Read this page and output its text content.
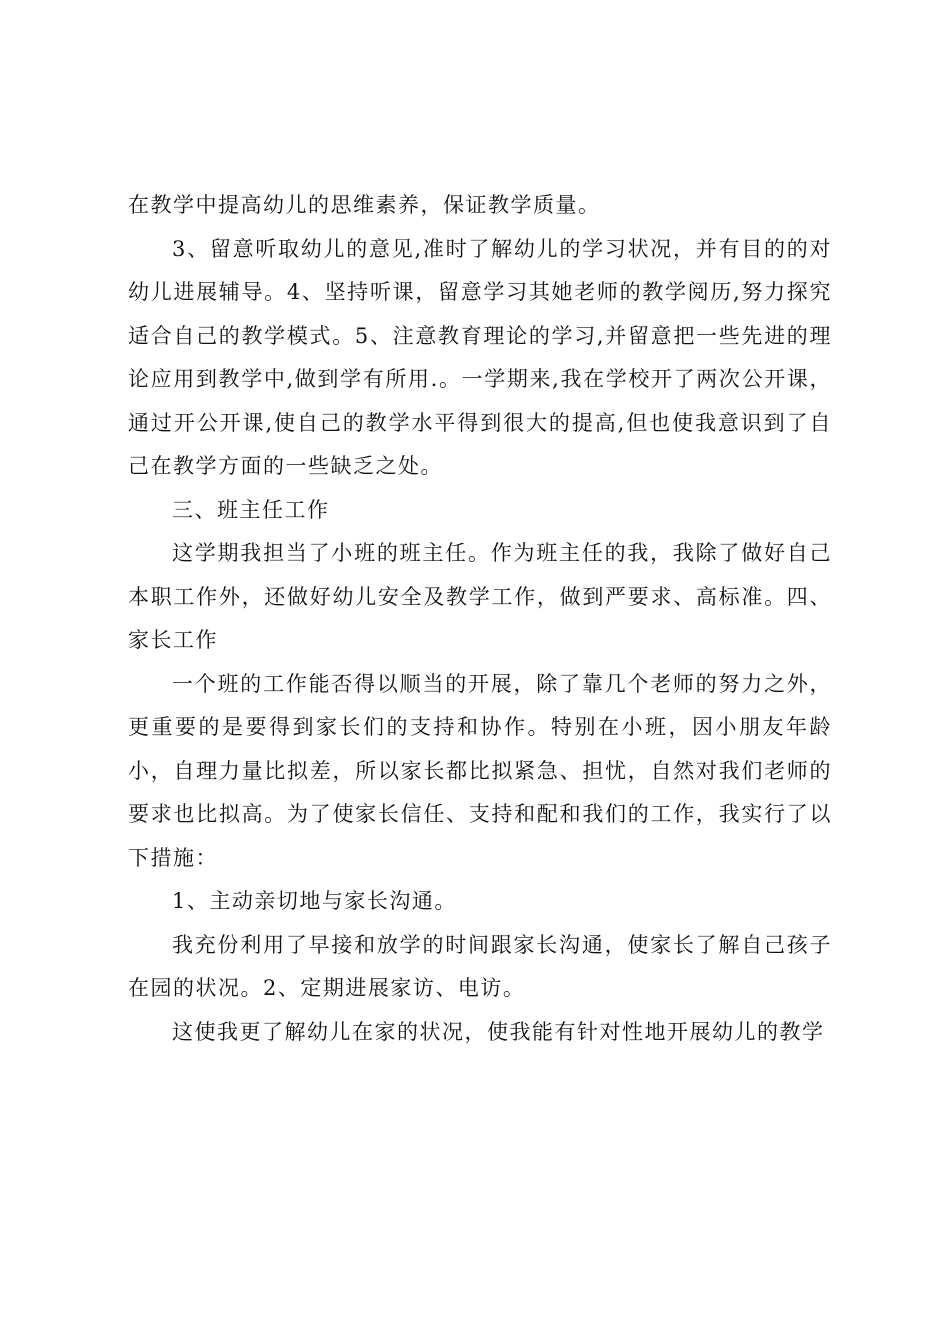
在教学中提高幼儿的思维素养，保证教学质量。

3、留意听取幼儿的意见,准时了解幼儿的学习状况，并有目的的对幼儿进展辅导。4、坚持听课，留意学习其她老师的教学阅历,努力探究适合自己的教学模式。5、注意教育理论的学习,并留意把一些先进的理论应用到教学中,做到学有所用.。一学期来,我在学校开了两次公开课，通过开公开课,使自己的教学水平得到很大的提高,但也使我意识到了自己在教学方面的一些缺乏之处。

三、班主任工作

这学期我担当了小班的班主任。作为班主任的我，我除了做好自己本职工作外，还做好幼儿安全及教学工作，做到严要求、高标准。四、家长工作

一个班的工作能否得以顺当的开展，除了靠几个老师的努力之外，更重要的是要得到家长们的支持和协作。特别在小班，因小朋友年龄小，自理力量比拟差，所以家长都比拟紧急、担忧，自然对我们老师的要求也比拟高。为了使家长信任、支持和配和我们的工作，我实行了以下措施：

1、主动亲切地与家长沟通。

我充份利用了早接和放学的时间跟家长沟通，使家长了解自己孩子在园的状况。2、定期进展家访、电访。

这使我更了解幼儿在家的状况，使我能有针对性地开展幼儿的教学
